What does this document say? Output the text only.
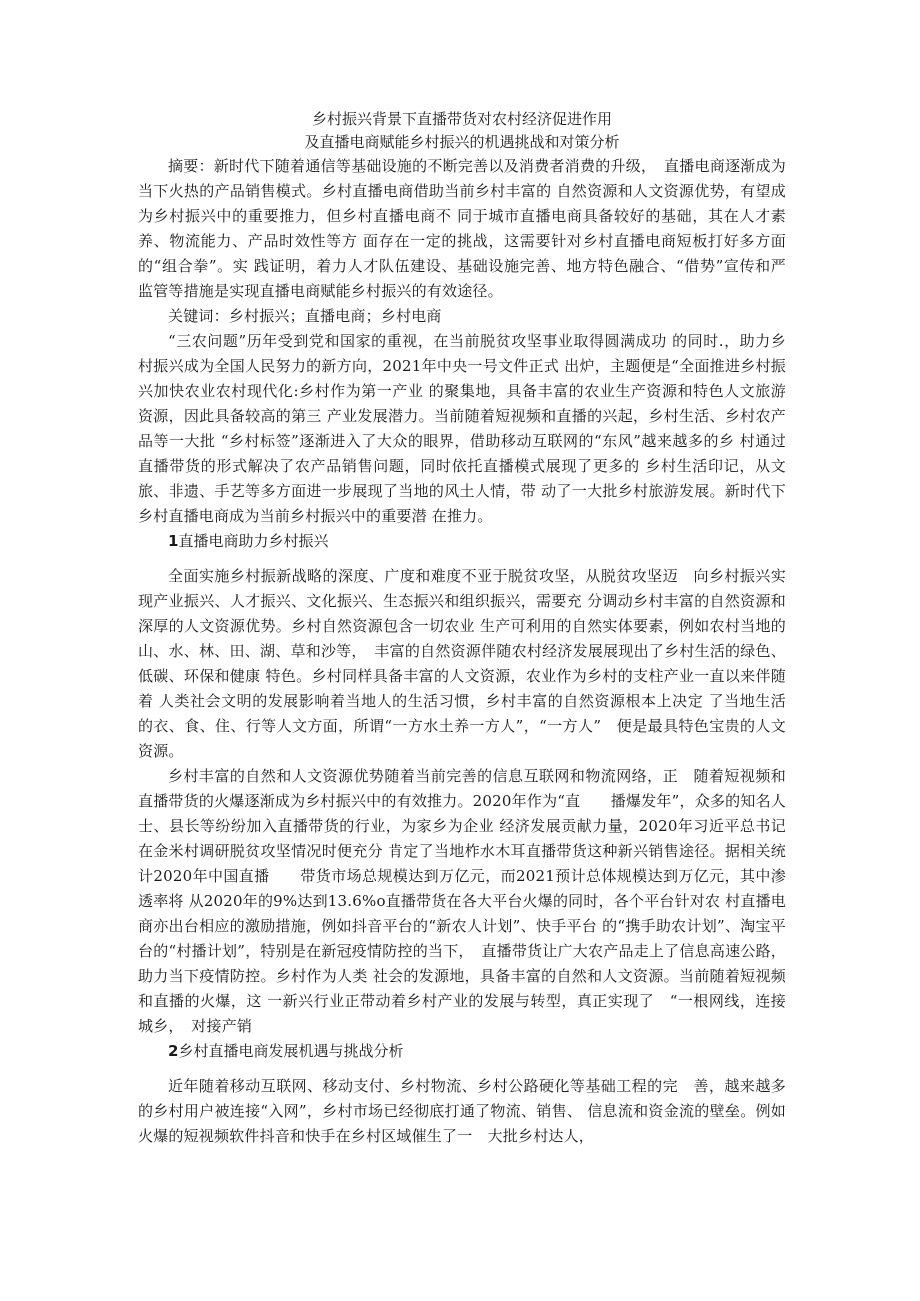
乡村振兴背景下直播带货对农村经济促进作用

及直播电商赋能乡村振兴的机遇挑战和对策分析

摘要：新时代下随着通信等基础设施的不断完善以及消费者消费的升级，　直播电商逐渐成为当下火热的产品销售模式。乡村直播电商借助当前乡村丰富的 自然资源和人文资源优势，有望成为乡村振兴中的重要推力，但乡村直播电商不 同于城市直播电商具备较好的基础，其在人才素养、物流能力、产品时效性等方 面存在一定的挑战，这需要针对乡村直播电商短板打好多方面的“组合拳”。实 践证明，着力人才队伍建设、基础设施完善、地方特色融合、“借势”宣传和严 监管等措施是实现直播电商赋能乡村振兴的有效途径。

关键词：乡村振兴；直播电商；乡村电商

“三农问题”历年受到党和国家的重视，在当前脱贫攻坚事业取得圆满成功 的同时.，助力乡村振兴成为全国人民努力的新方向，2021年中央一号文件正式 出炉，主题便是“全面推进乡村振兴加快农业农村现代化:乡村作为第一产业 的聚集地，具备丰富的农业生产资源和特色人文旅游资源，因此具备较高的第三 产业发展潜力。当前随着短视频和直播的兴起，乡村生活、乡村农产品等一大批 “乡村标签”逐渐进入了大众的眼界，借助移动互联网的“东风”越来越多的乡 村通过直播带货的形式解决了农产品销售问题，同时依托直播模式展现了更多的 乡村生活印记，从文旅、非遗、手艺等多方面进一步展现了当地的风土人情，带 动了一大批乡村旅游发展。新时代下乡村直播电商成为当前乡村振兴中的重要潜 在推力。

1直播电商助力乡村振兴

全面实施乡村振新战略的深度、广度和难度不亚于脱贫攻坚，从脱贫攻坚迈　向乡村振兴实现产业振兴、人才振兴、文化振兴、生态振兴和组织振兴，需要充 分调动乡村丰富的自然资源和深厚的人文资源优势。乡村自然资源包含一切农业 生产可利用的自然实体要素，例如农村当地的山、水、林、田、湖、草和沙等，　丰富的自然资源伴随农村经济发展展现出了乡村生活的绿色、低碳、环保和健康 特色。乡村同样具备丰富的人文资源，农业作为乡村的支柱产业一直以来伴随着 人类社会文明的发展影响着当地人的生活习惯，乡村丰富的自然资源根本上决定 了当地生活的衣、食、住、行等人文方面，所谓“一方水土养一方人”，“一方人”　便是最具特色宝贵的人文资源。

乡村丰富的自然和人文资源优势随着当前完善的信息互联网和物流网络，正　随着短视频和直播带货的火爆逐渐成为乡村振兴中的有效推力。2020年作为“直　　播爆发年”，众多的知名人士、县长等纷纷加入直播带货的行业，为家乡为企业 经济发展贡献力量，2020年习近平总书记在金米村调研脱贫攻坚情况时便充分 肯定了当地柞水木耳直播带货这种新兴销售途径。据相关统计2020年中国直播　　带货市场总规模达到万亿元，而2021预计总体规模达到万亿元，其中渗透率将 从2020年的9%达到13.6%o直播带货在各大平台火爆的同时，各个平台针对农 村直播电商亦出台相应的激励措施，例如抖音平台的“新农人计划”、快手平台 的“携手助农计划”、淘宝平台的“村播计划”，特别是在新冠疫情防控的当下，　直播带货让广大农产品走上了信息高速公路，助力当下疫情防控。乡村作为人类 社会的发源地，具备丰富的自然和人文资源。当前随着短视频和直播的火爆，这 一新兴行业正带动着乡村产业的发展与转型，真正实现了　“一根网线，连接城乡，　对接产销

2乡村直播电商发展机遇与挑战分析

近年随着移动互联网、移动支付、乡村物流、乡村公路硬化等基础工程的完　善，越来越多的乡村用户被连接“入网”，乡村市场已经彻底打通了物流、销售、 信息流和资金流的壁垒。例如火爆的短视频软件抖音和快手在乡村区域催生了一　大批乡村达人，
